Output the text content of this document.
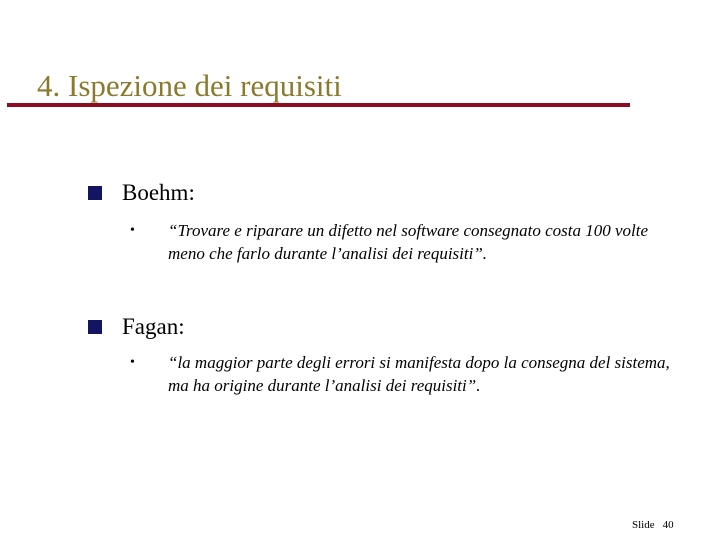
4. Ispezione dei requisiti
Boehm:
• “Trovare e riparare un difetto nel software consegnato costa 100 volte meno che farlo durante l’analisi dei requisiti”.
Fagan:
• “la maggior parte degli errori si manifesta dopo la consegna del sistema, ma ha origine durante l’analisi dei requisiti”.
Slide 40
